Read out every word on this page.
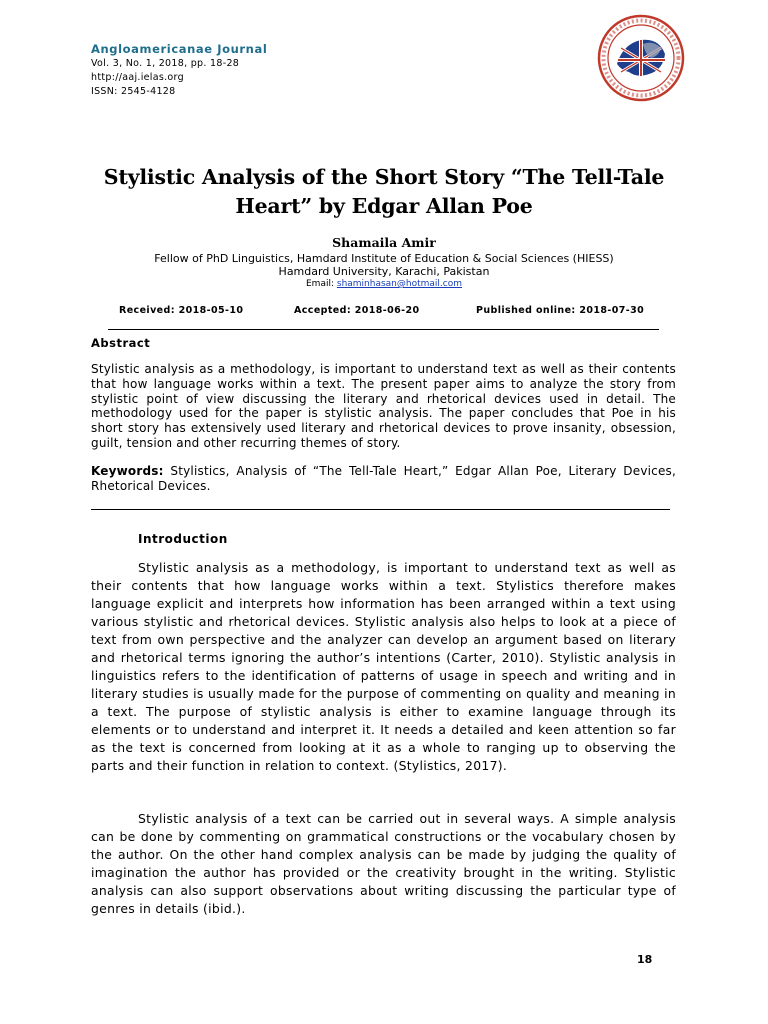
Angloamericanae Journal
Vol. 3, No. 1, 2018, pp. 18-28
http://aaj.ielas.org
ISSN: 2545-4128
Stylistic Analysis of the Short Story “The Tell-Tale
Heart” by Edgar Allan Poe
Shamaila Amir
Fellow of PhD Linguistics, Hamdard Institute of Education & Social Sciences (HIESS)
Hamdard University, Karachi, Pakistan
Email: shaminhasan@hotmail.com
Received: 2018-05-10	Accepted: 2018-06-20	Published online: 2018-07-30
Abstract

Stylistic analysis as a methodology, is important to understand text as well as their contents that how language works within a text. The present paper aims to analyze the story from stylistic point of view discussing the literary and rhetorical devices used in detail. The methodology used for the paper is stylistic analysis. The paper concludes that Poe in his short story has extensively used literary and rhetorical devices to prove insanity, obsession, guilt, tension and other recurring themes of story.

Keywords: Stylistics, Analysis of “The Tell-Tale Heart,” Edgar Allan Poe, Literary Devices, Rhetorical Devices.

Introduction

Stylistic analysis as a methodology, is important to understand text as well as their contents that how language works within a text. Stylistics therefore makes language explicit and interprets how information has been arranged within a text using various stylistic and rhetorical devices. Stylistic analysis also helps to look at a piece of text from own perspective and the analyzer can develop an argument based on literary and rhetorical terms ignoring the author’s intentions (Carter, 2010). Stylistic analysis in linguistics refers to the identification of patterns of usage in speech and writing and in literary studies is usually made for the purpose of commenting on quality and meaning in a text. The purpose of stylistic analysis is either to examine language through its elements or to understand and interpret it. It needs a detailed and keen attention so far as the text is concerned from looking at it as a whole to ranging up to observing the parts and their function in relation to context. (Stylistics, 2017).

Stylistic analysis of a text can be carried out in several ways. A simple analysis can be done by commenting on grammatical constructions or the vocabulary chosen by the author. On the other hand complex analysis can be made by judging the quality of imagination the author has provided or the creativity brought in the writing. Stylistic analysis can also support observations about writing discussing the particular type of genres in details (ibid.).

18
